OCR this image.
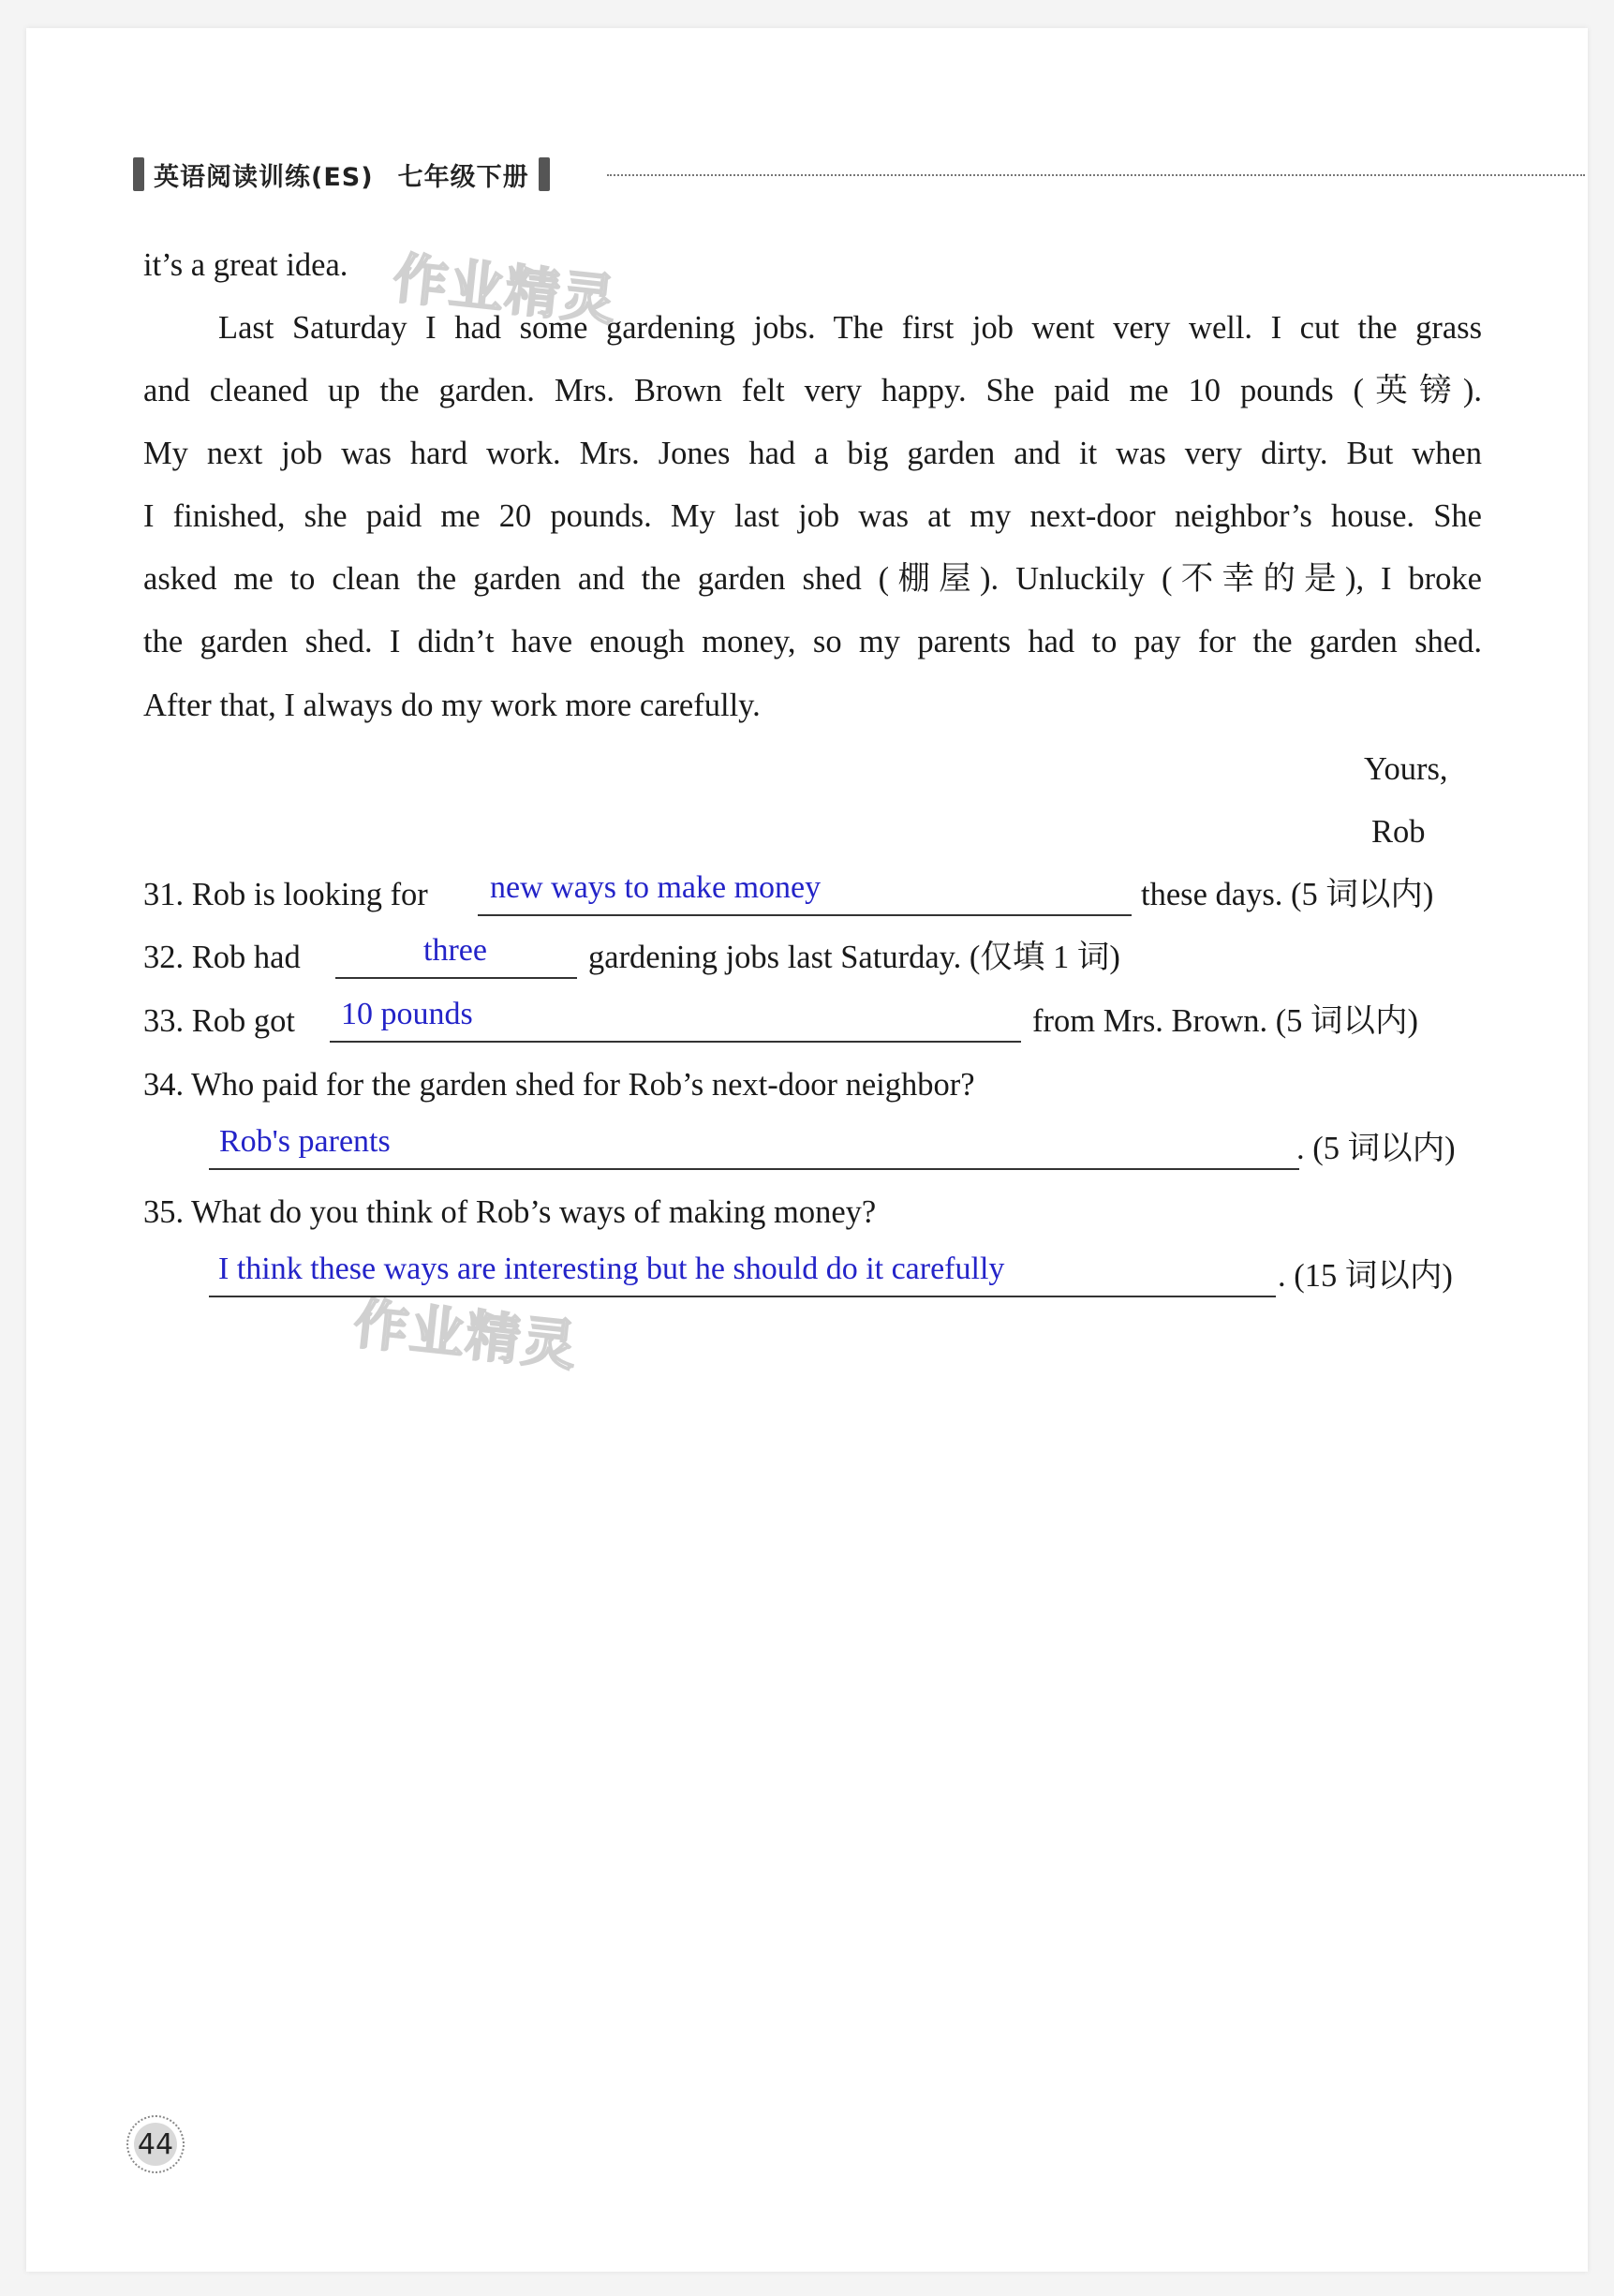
英语阅读训练(ES) 七年级下册
作业精灵
作业精灵
it’s a great idea.
Last Saturday I had some gardening jobs. The first job went very well. I cut the grass
and cleaned up the garden. Mrs. Brown felt very happy. She paid me 10 pounds (英镑).
My next job was hard work. Mrs. Jones had a big garden and it was very dirty. But when
I finished, she paid me 20 pounds. My last job was at my next-door neighbor’s house. She
asked me to clean the garden and the garden shed (棚屋). Unluckily (不幸的是), I broke
the garden shed. I didn’t have enough money, so my parents had to pay for the garden shed.
After that, I always do my work more carefully.
Yours,
Rob
31. Rob is looking for new ways to make money	these days. (5 词以内)
32. Rob had	three	gardening jobs last Saturday. (仅填 1 词)
33. Rob got 10 pounds	from Mrs. Brown. (5 词以内)
34. Who paid for the garden shed for Rob’s next-door neighbor?
Rob's parents	. (5 词以内)
35. What do you think of Rob’s ways of making money?
I think these ways are interesting but he should do it carefully	. (15 词以内)
44
